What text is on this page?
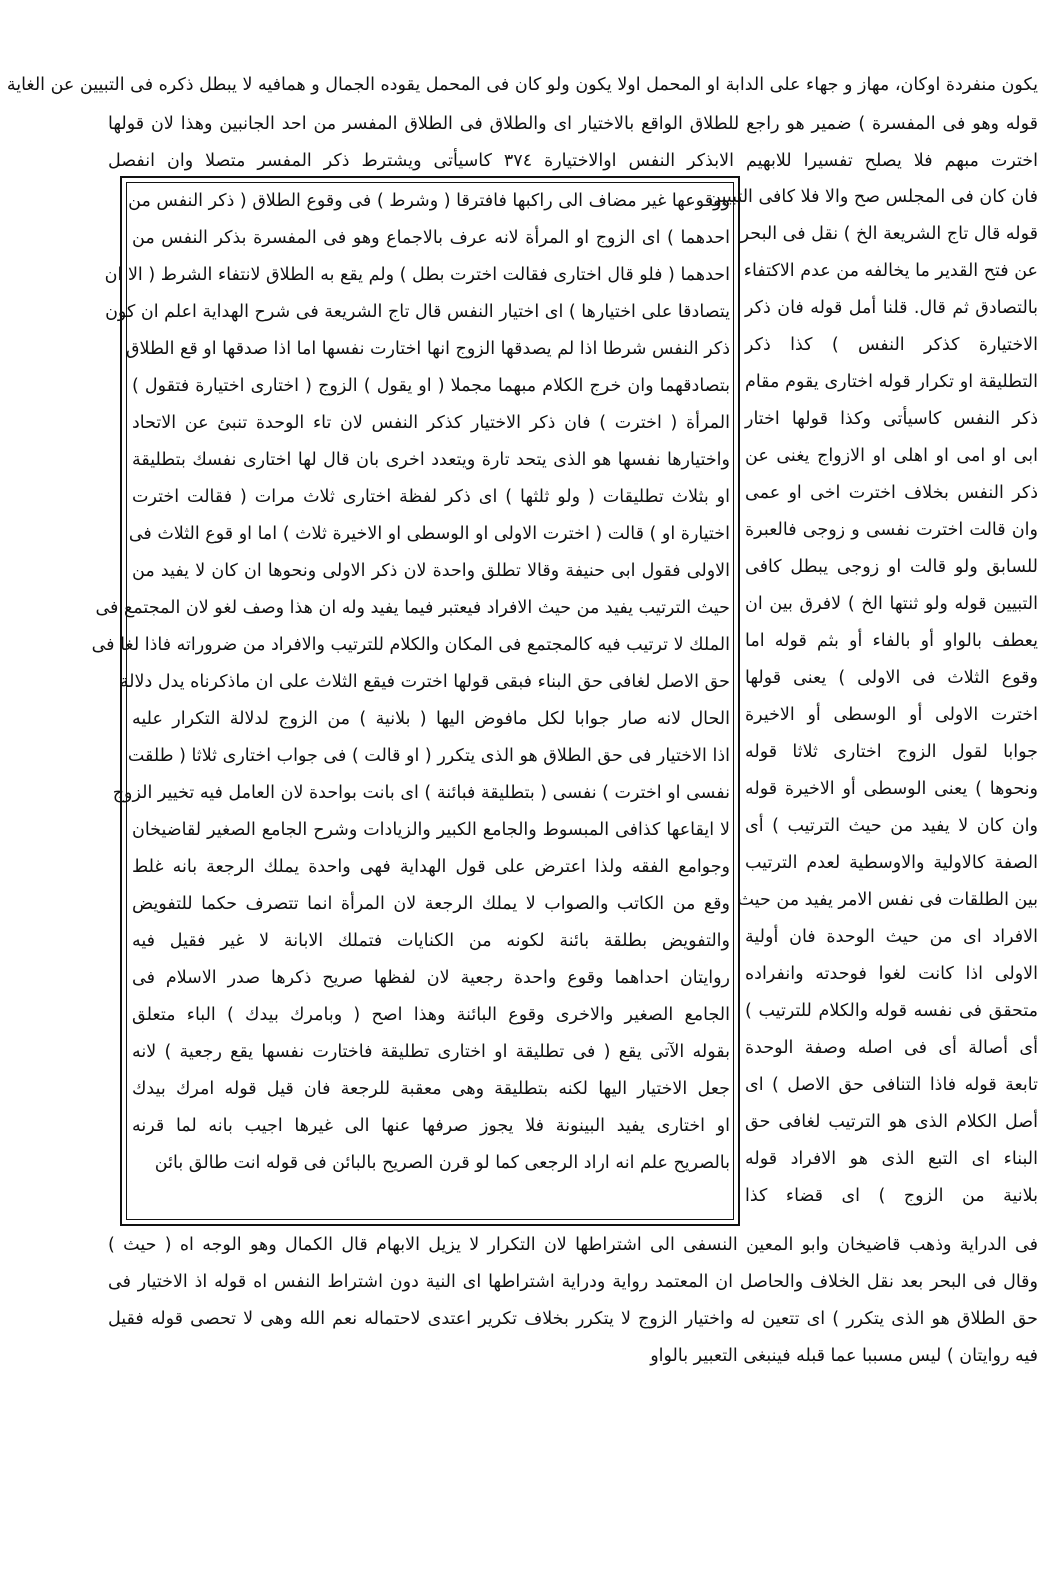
يكون منفردة اوكان، مهاز و جهاء على الدابة او المحمل اولا يكون ولو كان فى المحمل يقوده الجمال و همافيه لا يبطل ذكره فى التبيين عن الغاية
قوله وهو فى المفسرة ) ضمير هو راجع للطلاق الواقع بالاختيار اى والطلاق فى الطلاق المفسر من احد الجانبين وهذا لان قولها
اخترت مبهم فلا يصلح تفسيرا للابهيم الابذكر النفس اوالاختيارة ٣٧٤ كاسيأتى ويشترط ذكر المفسر متصلا وان انفصل
ووقوعها غير مضاف الى راكبها فافترقا ( وشرط ) فى وقوع الطلاق ( ذكر النفس من
احدهما ) اى الزوج او المرأة لانه عرف بالاجماع وهو فى المفسرة بذكر النفس من
احدهما ( فلو قال اختارى فقالت اخترت بطل ) ولم يقع به الطلاق لانتفاء الشرط ( الا ان
يتصادقا على اختيارها ) اى اختيار النفس قال تاج الشريعة فى شرح الهداية اعلم ان كون
ذكر النفس شرطا اذا لم يصدقها الزوج انها اختارت نفسها اما اذا صدقها او قع الطلاق
بتصادقهما وان خرج الكلام مبهما مجملا ( او يقول ) الزوج ( اختارى اختيارة فتقول )
المرأة ( اخترت ) فان ذكر الاختيار كذكر النفس لان تاء الوحدة تنبئ عن الاتحاد
واختيارها نفسها هو الذى يتحد تارة ويتعدد اخرى بان قال لها اختارى نفسك بتطليقة
او بثلاث تطليقات ( ولو ثلثها ) اى ذكر لفظة اختارى ثلاث مرات ( فقالت اخترت
اختيارة او ) قالت ( اخترت الاولى او الوسطى او الاخيرة ثلاث ) اما او قوع الثلاث فى
الاولى فقول ابى حنيفة وقالا تطلق واحدة لان ذكر الاولى ونحوها ان كان لا يفيد من
حيث الترتيب يفيد من حيث الافراد فيعتبر فيما يفيد وله ان هذا وصف لغو لان المجتمع فى
الملك لا ترتيب فيه كالمجتمع فى المكان والكلام للترتيب والافراد من ضروراته فاذا لغا فى
حق الاصل لغافى حق البناء فبقى قولها اخترت فيقع الثلاث على ان ماذكرناه يدل دلالة
الحال لانه صار جوابا لكل مافوض اليها ( بلانية ) من الزوج لدلالة التكرار عليه
اذا الاختيار فى حق الطلاق هو الذى يتكرر ( او قالت ) فى جواب اختارى ثلاثا ( طلقت
نفسى او اخترت ) نفسى ( بتطليقة فبائنة ) اى بانت بواحدة لان العامل فيه تخيير الزوج
لا ايقاعها كذافى المبسوط والجامع الكبير والزيادات وشرح الجامع الصغير لقاضيخان
وجوامع الفقه ولذا اعترض على قول الهداية فهى واحدة يملك الرجعة بانه غلط
وقع من الكاتب والصواب لا يملك الرجعة لان المرأة انما تتصرف حكما للتفويض
والتفويض بطلقة بائنة لكونه من الكنايات فتملك الابانة لا غير فقيل فيه
روايتان احداهما وقوع واحدة رجعية لان لفظها صريح ذكرها صدر الاسلام فى
الجامع الصغير والاخرى وقوع البائنة وهذا اصح ( وبامرك بيدك ) الباء متعلق
بقوله الآتى يقع ( فى تطليقة او اختارى تطليقة فاختارت نفسها يقع رجعية ) لانه
جعل الاختيار اليها لكنه بتطليقة وهى معقبة للرجعة فان قيل قوله امرك بيدك
او اختارى يفيد البينونة فلا يجوز صرفها عنها الى غيرها اجيب بانه لما قرنه
بالصريح علم انه اراد الرجعى كما لو قرن الصريح بالبائن فى قوله انت طالق بائن
فان كان فى المجلس صح والا فلا كافى التبيين
قوله قال تاج الشريعة الخ ) نقل فى البحر
عن فتح القدير ما يخالفه من عدم الاكتفاء
بالتصادق ثم قال. قلنا أمل قوله فان ذكر
الاختيارة كذكر النفس ) كذا ذكر
التطليقة او تكرار قوله اختارى يقوم مقام
ذكر النفس كاسيأتى وكذا قولها اختار
ابى او امى او اهلى او الازواج يغنى عن
ذكر النفس بخلاف اخترت اخى او عمى
وان قالت اخترت نفسى و زوجى فالعبرة
للسابق ولو قالت او زوجى يبطل كافى
التبيين قوله ولو ثنتها الخ ) لافرق بين ان
يعطف بالواو أو بالفاء أو بثم قوله اما
وقوع الثلاث فى الاولى ) يعنى قولها
اخترت الاولى أو الوسطى أو الاخيرة
جوابا لقول الزوج اختارى ثلاثا قوله
ونحوها ) يعنى الوسطى أو الاخيرة قوله
وان كان لا يفيد من حيث الترتيب ) أى
الصفة كالاولية والاوسطية لعدم الترتيب
بين الطلقات فى نفس الامر يفيد من حيث
الافراد اى من حيث الوحدة فان أولية
الاولى اذا كانت لغوا فوحدته وانفراده
متحقق فى نفسه قوله والكلام للترتيب )
أى أصالة أى فى اصله وصفة الوحدة
تابعة قوله فاذا التنافى حق الاصل ) اى
أصل الكلام الذى هو الترتيب لغافى حق
البناء اى التبع الذى هو الافراد قوله
بلانية من الزوج ) اى قضاء كذا
فى الدراية وذهب قاضيخان وابو المعين النسفى الى اشتراطها لان التكرار لا يزيل الابهام قال الكمال وهو الوجه اه ( حيث )
وقال فى البحر بعد نقل الخلاف والحاصل ان المعتمد رواية ودراية اشتراطها اى النية دون اشتراط النفس اه قوله اذ الاختيار فى
حق الطلاق هو الذى يتكرر ) اى تتعين له واختيار الزوج لا يتكرر بخلاف تكرير اعتدى لاحتماله نعم الله وهى لا تحصى قوله فقيل
فيه روايتان ) ليس مسببا عما قبله فينبغى التعبير بالواو
